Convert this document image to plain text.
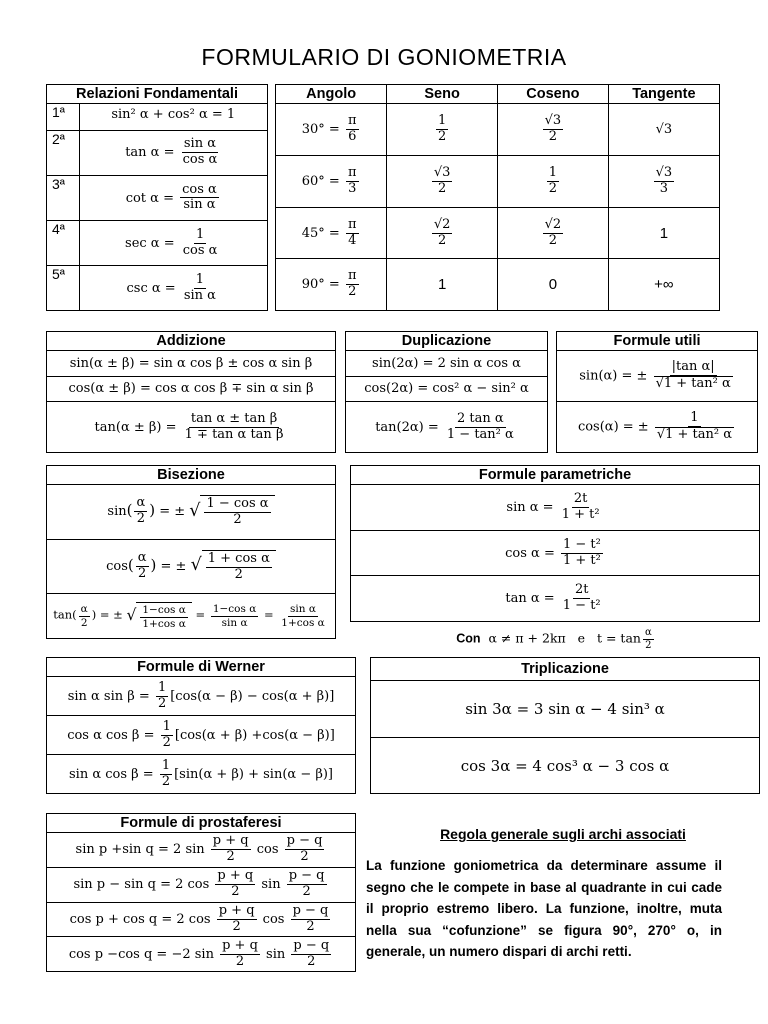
FORMULARIO DI GONIOMETRIA
Relazioni Fondamentali	
1ª	sin² α + cos² α = 1
2ª	$\tan \alpha = \frac{\text{sin α}}{\text{cos α}}$

3ª	$\cot \alpha = \frac{\text{cos α}}{\text{sin α}}$

4ª	$\sec \alpha = \frac{1}{\text{cos α}}$

5ª	$\csc \alpha = \frac{1}{\text{sin α}}$
Angolo	Seno	Coseno	Tangente
$30^\circ = \frac{\pi}{6}$	$\frac{1}{2}$	$\frac{√3}{2}$	√3
$60^\circ = \frac{\pi}{3}$	$\frac{√3}{2}$	$\frac{1}{2}$	$\frac{√3}{3}$

$45^\circ = \frac{\pi}{4}$	$\frac{√2}{2}$	$\frac{√2}{2}$	1
$90^\circ = \frac{\pi}{2}$	1	0	+∞
Addizione
sin(α ± β) = sin α cos β ± cos α sin β
cos(α ± β) = cos α cos β ∓ sin α sin β
$\tan(\alpha \pm \beta) = \frac{\text{tan α ± tan β}}{\text{1 ∓ tan α tan β}}$
Duplicazione
sin(2α) = 2 sin α cos α
cos(2α) = cos² α − sin² α
$\tan(2\alpha) = \frac{\text{2 tan α}}{\text{1 − tan² α}}$
Formule utili
sin(α) = ± $\frac{\text{|tan α|}}{\text{√1 + tan² α}}$

cos(α) = ± $\frac{1}{\text{√1 + tan² α}}$
Bisezione
$\sin( \frac{\alpha}{2}$ ) = ± √ 1 − cos α
2

$\cos( \frac{\alpha}{2}$ ) = ± √ 1 + cos α
2

$\tan( \frac{\alpha}{2}$ ) = ± √ 1−cos α
1+cos α
= $\frac{\text{1−cos α}}{\text{sin α}} = \frac{\text{sin α}}{\text{1+cos α}}$
Formule parametriche
$\sin \alpha = \frac{2t}{\text{1 + t²}}$

$\cos \alpha = \frac{\text{1 − t²}}{\text{1 + t²}}$

$\tan \alpha = \frac{2t}{\text{1 − t²}}$
Con  α ≠ π + 2kπ   e   $t = \tan \frac{\alpha}{2}$
Formule di Werner
sin α $\sin \beta = \frac{1}{2} [\cos(\alpha - \beta) - \cos(\alpha + \beta)]$
cos α $\cos \beta = \frac{1}{2} [\cos(\alpha + \beta) +\cos(\alpha - \beta)]$
sin α $\cos \beta = \frac{1}{2} [\sin(\alpha + \beta) + \sin(\alpha - \beta)]$
Triplicazione
sin 3α = 3 sin α − 4 sin³ α
cos 3α = 4 cos³ α − 3 cos α
Formule di prostaferesi
sin p +sin q = 2 $\sin \frac{p + q}{2}$ $\cos \frac{p - q}{2}$

sin p − sin q = 2 $\cos \frac{p + q}{2}$ $\sin \frac{p - q}{2}$

cos p + cos q = 2 $\cos \frac{p + q}{2}$ $\cos \frac{p - q}{2}$

cos p −cos q = −2 $\sin \frac{p + q}{2}$ $\sin \frac{p - q}{2}$
Regola generale sugli archi associati
La funzione goniometrica da determinare assume il segno che le compete in base al quadrante in cui cade il proprio estremo libero. La funzione, inoltre, muta nella sua “cofunzione” se figura 90°, 270° o, in generale, un numero dispari di archi retti.
